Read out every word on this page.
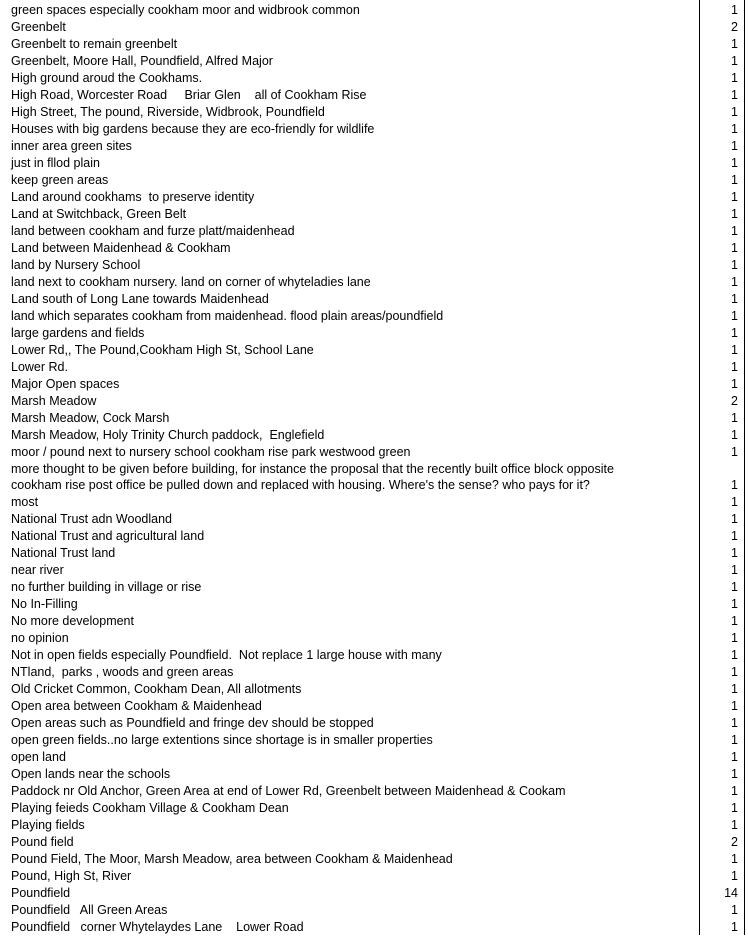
green spaces especially cookham moor and widbrook common	1
Greenbelt	2
Greenbelt to remain greenbelt	1
Greenbelt, Moore Hall, Poundfield, Alfred Major	1
High ground aroud the Cookhams.	1
High Road, Worcester Road     Briar Glen    all of Cookham Rise	1
High Street, The pound, Riverside, Widbrook, Poundfield	1
Houses with big gardens because they are eco-friendly for wildlife	1
inner area green sites	1
just in fllod plain	1
keep green areas	1
Land around cookhams  to preserve identity	1
Land at Switchback, Green Belt	1
land between cookham and furze platt/maidenhead	1
Land between Maidenhead & Cookham	1
land by Nursery School	1
land next to cookham nursery. land on corner of whyteladies lane	1
Land south of Long Lane towards Maidenhead	1
land which separates cookham from maidenhead. flood plain areas/poundfield	1
large gardens and fields	1
Lower Rd,, The Pound,Cookham High St, School Lane	1
Lower Rd.	1
Major Open spaces	1
Marsh Meadow	2
Marsh Meadow, Cock Marsh	1
Marsh Meadow, Holy Trinity Church paddock,  Englefield	1
moor / pound next to nursery school cookham rise park westwood green	1
more thought to be given before building, for instance the proposal that the recently built office block opposite
cookham rise post office be pulled down and replaced with housing. Where's the sense? who pays for it?	1
most	1
National Trust adn Woodland	1
National Trust and agricultural land	1
National Trust land	1
near river	1
no further building in village or rise	1
No In-Filling	1
No more development	1
no opinion	1
Not in open fields especially Poundfield.  Not replace 1 large house with many	1
NTland,  parks , woods and green areas	1
Old Cricket Common, Cookham Dean, All allotments	1
Open area between Cookham & Maidenhead	1
Open areas such as Poundfield and fringe dev should be stopped	1
open green fields..no large extentions since shortage is in smaller properties	1
open land	1
Open lands near the schools	1
Paddock nr Old Anchor, Green Area at end of Lower Rd, Greenbelt between Maidenhead & Cookam	1
Playing feieds Cookham Village & Cookham Dean	1
Playing fields	1
Pound field	2
Pound Field, The Moor, Marsh Meadow, area between Cookham & Maidenhead	1
Pound, High St, River	1
Poundfield	14
Poundfield   All Green Areas	1
Poundfield   corner Whytelaydes Lane    Lower Road	1
